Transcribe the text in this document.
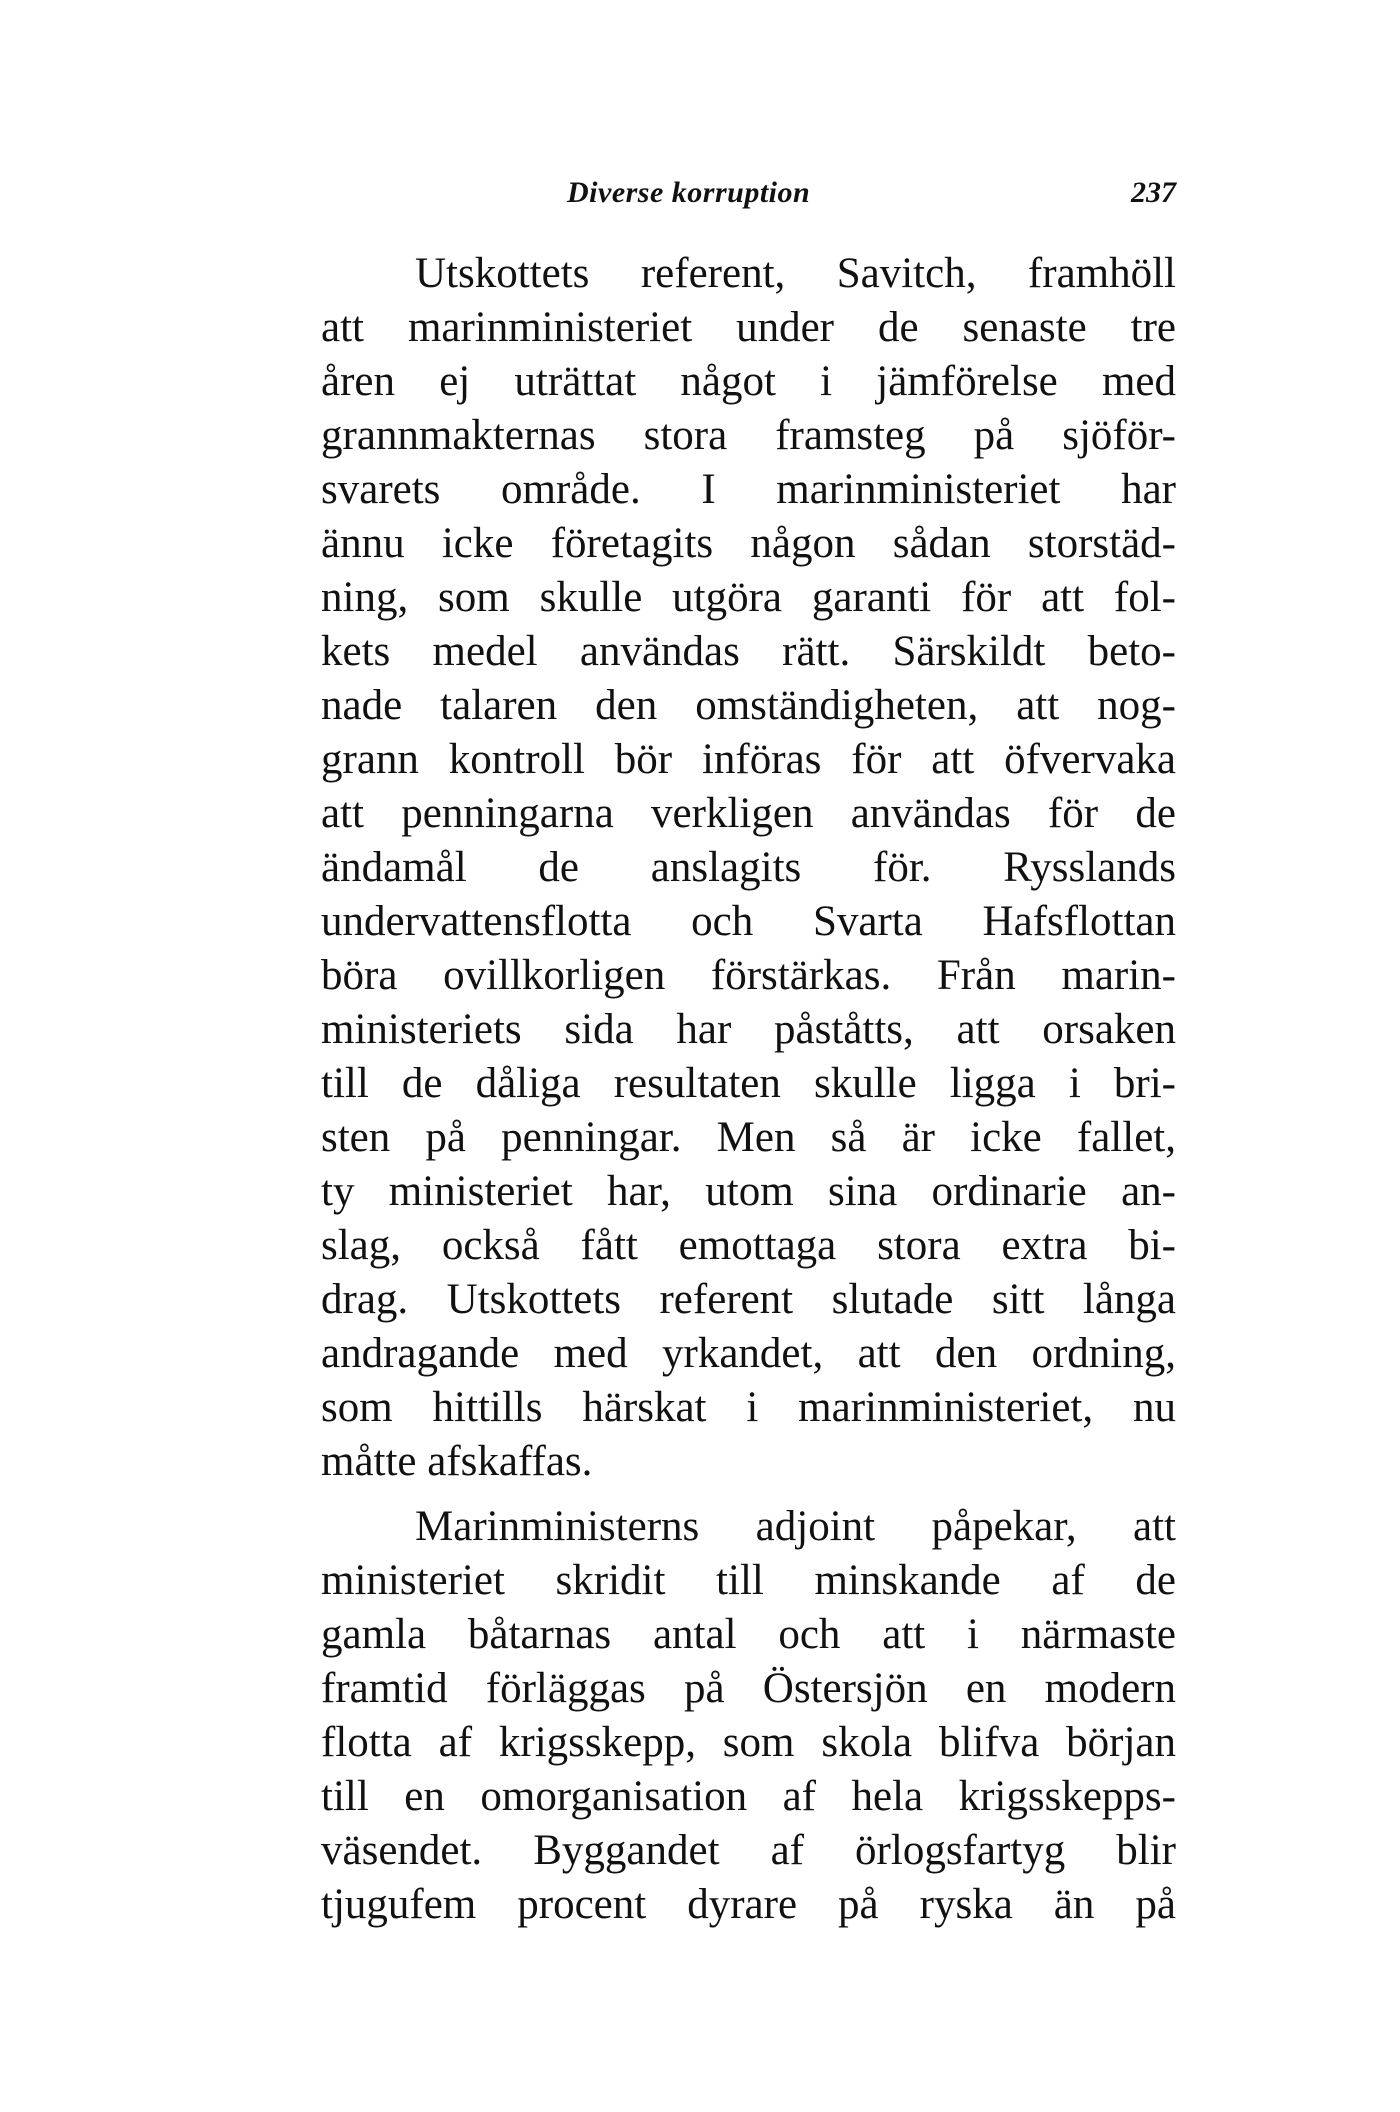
Diverse korruption	237
Utskottets referent, Savitch, framhöll
att marinministeriet under de senaste tre
åren ej uträttat något i jämförelse med
grannmakternas stora framsteg på sjöför-
svarets område. I marinministeriet har
ännu icke företagits någon sådan storstäd-
ning, som skulle utgöra garanti för att fol-
kets medel användas rätt. Särskildt beto-
nade talaren den omständigheten, att nog-
grann kontroll bör införas för att öfvervaka
att penningarna verkligen användas för de
ändamål de anslagits för. Rysslands
undervattensflotta och Svarta Hafsflottan
böra ovillkorligen förstärkas. Från marin-
ministeriets sida har påståtts, att orsaken
till de dåliga resultaten skulle ligga i bri-
sten på penningar. Men så är icke fallet,
ty ministeriet har, utom sina ordinarie an-
slag, också fått emottaga stora extra bi-
drag. Utskottets referent slutade sitt långa
andragande med yrkandet, att den ordning,
som hittills härskat i marinministeriet, nu
måtte afskaffas.
Marinministerns adjoint påpekar, att
ministeriet skridit till minskande af de
gamla båtarnas antal och att i närmaste
framtid förläggas på Östersjön en modern
flotta af krigsskepp, som skola blifva början
till en omorganisation af hela krigsskepps-
väsendet. Byggandet af örlogsfartyg blir
tjugufem procent dyrare på ryska än på
